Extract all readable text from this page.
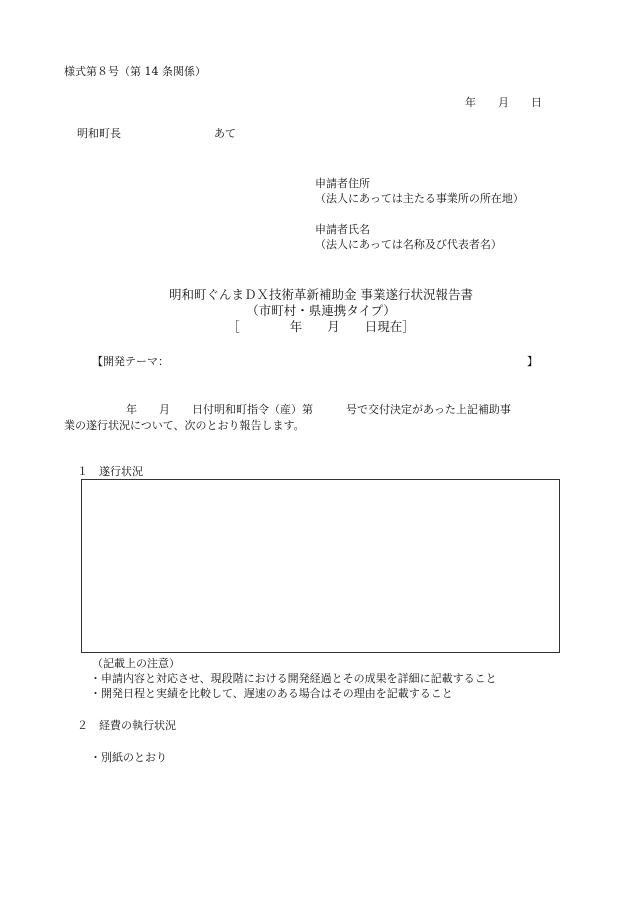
様式第８号（第 14 条関係）
年　　月　　日
明和町長	あて
申請者住所
（法人にあっては主たる事業所の所在地）
申請者氏名
（法人にあっては名称及び代表者名）
明和町ぐんまＤＸ技術革新補助金 事業遂行状況報告書
（市町村・県連携タイプ）
［　　　　年　　月　　日現在］
【開発テーマ：	】
年　　月　　日付明和町指令（産）第　　　号で交付決定があった上記補助事
業の遂行状況について、次のとおり報告します。
１　遂行状況
（記載上の注意）
・申請内容と対応させ、現段階における開発経過とその成果を詳細に記載すること
・開発日程と実績を比較して、遅速のある場合はその理由を記載すること
２　経費の執行状況
・別紙のとおり
